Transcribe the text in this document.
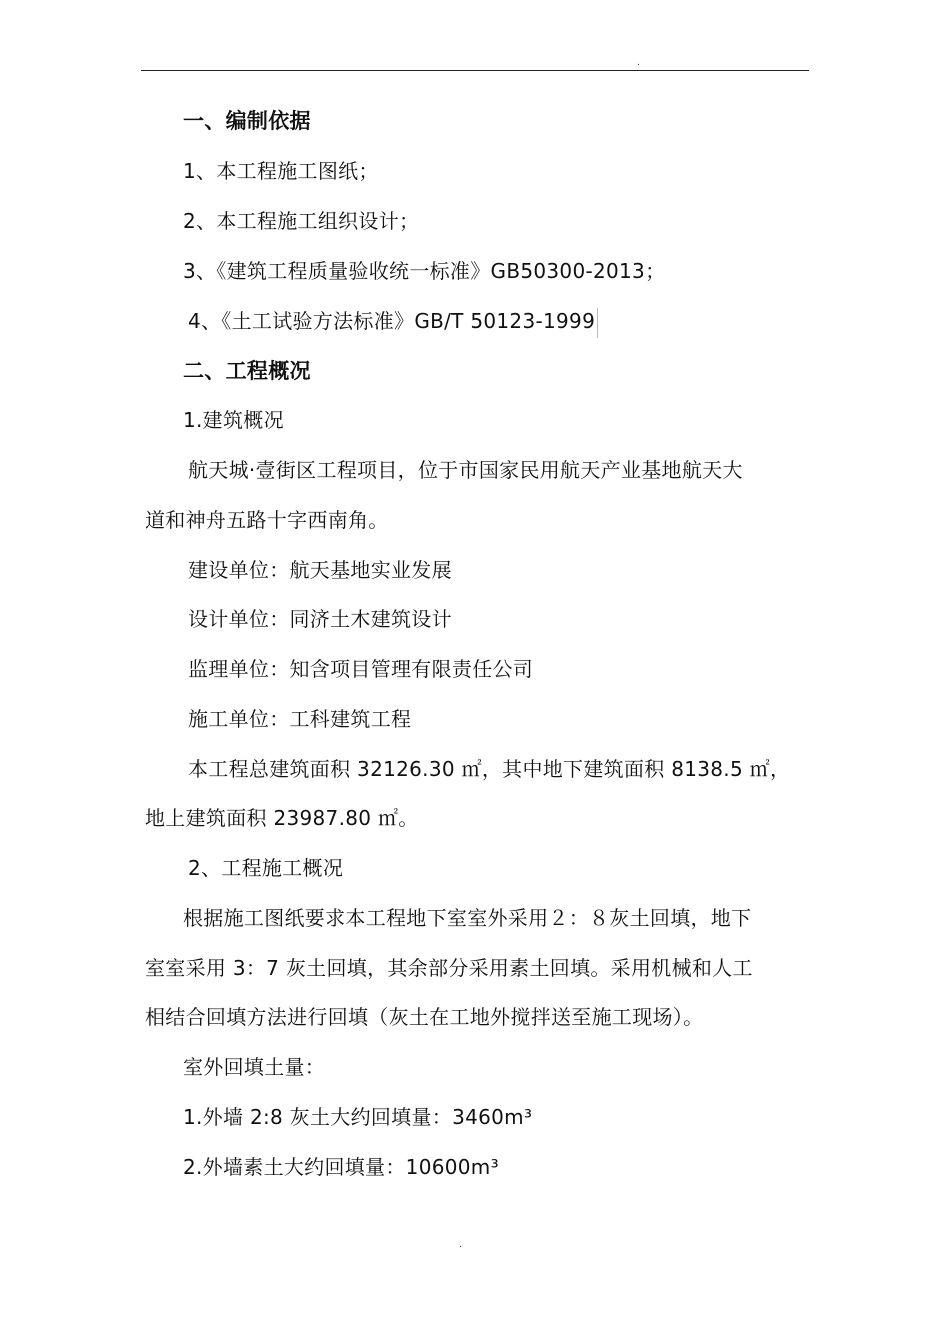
.
一、编制依据
1、本工程施工图纸；
2、本工程施工组织设计；
3、《建筑工程质量验收统一标准》GB50300-2013；
4、《土工试验方法标准》GB/T 50123-1999
二、工程概况
1.建筑概况
航天城·壹街区工程项目，位于市国家民用航天产业基地航天大
道和神舟五路十字西南角。
建设单位：航天基地实业发展
设计单位：同济土木建筑设计
监理单位：知含项目管理有限责任公司
施工单位：工科建筑工程
本工程总建筑面积 32126.30 ㎡，其中地下建筑面积 8138.5 ㎡，
地上建筑面积 23987.80 ㎡。
2、工程施工概况
根据施工图纸要求本工程地下室室外采用２：８灰土回填，地下
室室采用 3：7 灰土回填，其余部分采用素土回填。采用机械和人工
相结合回填方法进行回填（灰土在工地外搅拌送至施工现场）。
室外回填土量：
1.外墙 2:8 灰土大约回填量：3460m³
2.外墙素土大约回填量：10600m³
.
